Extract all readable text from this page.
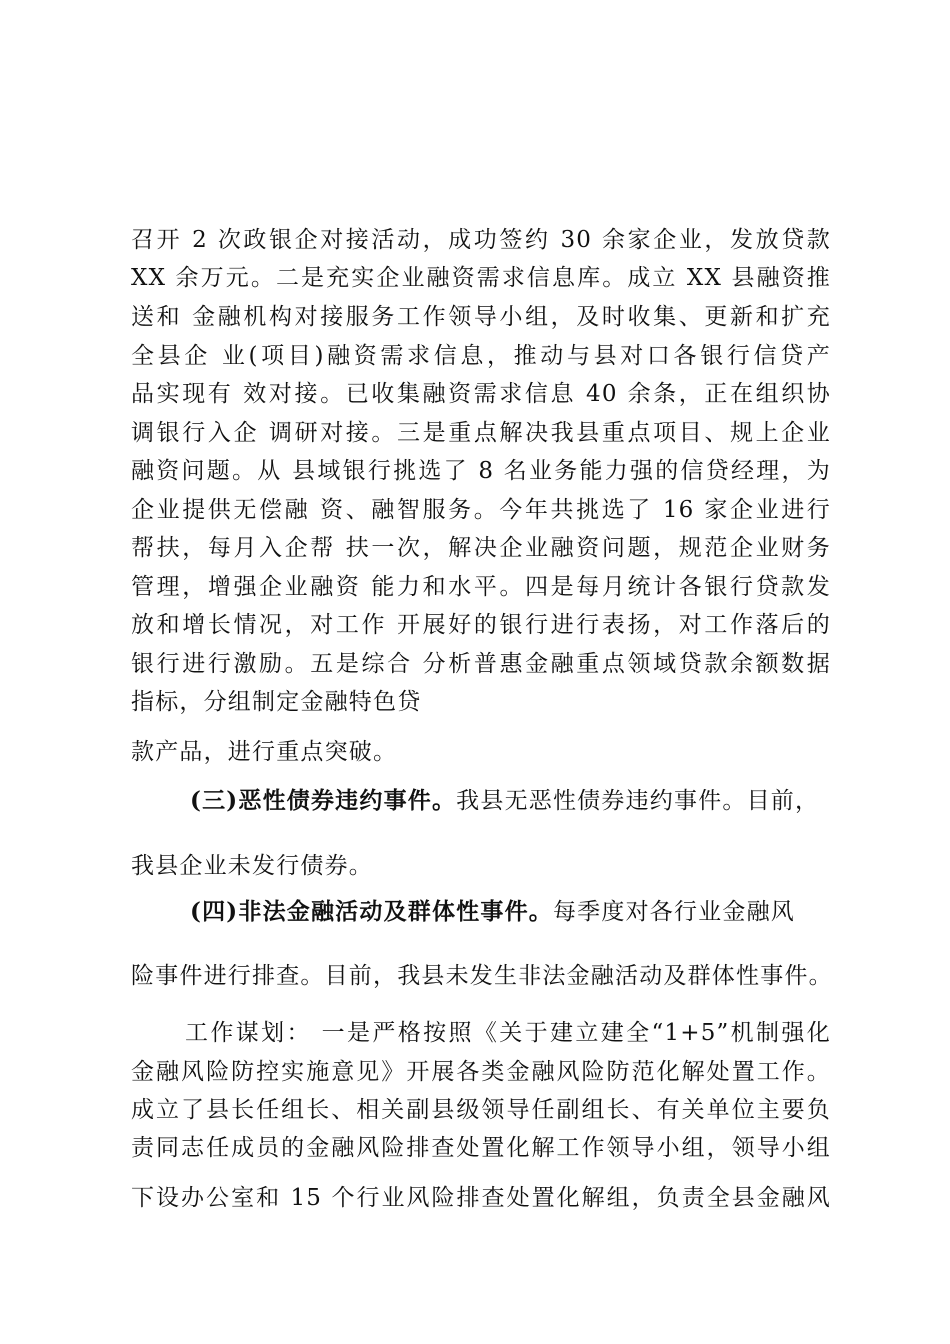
召开 2 次政银企对接活动，成功签约 30 余家企业，发放贷款
XX 余万元。二是充实企业融资需求信息库。成立 XX 县融资推
送和 金融机构对接服务工作领导小组，及时收集、更新和扩充
全县企 业(项目)融资需求信息，推动与县对口各银行信贷产
品实现有 效对接。已收集融资需求信息 40 余条，正在组织协
调银行入企 调研对接。三是重点解决我县重点项目、规上企业
融资问题。从 县域银行挑选了 8 名业务能力强的信贷经理，为
企业提供无偿融 资、融智服务。今年共挑选了 16 家企业进行
帮扶，每月入企帮 扶一次，解决企业融资问题，规范企业财务
管理，增强企业融资 能力和水平。四是每月统计各银行贷款发
放和增长情况，对工作 开展好的银行进行表扬，对工作落后的
银行进行激励。五是综合 分析普惠金融重点领域贷款余额数据
指标，分组制定金融特色贷
款产品，进行重点突破。
(三)恶性债券违约事件。我县无恶性债券违约事件。目前，
我县企业未发行债券。
(四)非法金融活动及群体性事件。每季度对各行业金融风
险事件进行排查。目前，我县未发生非法金融活动及群体性事件。
工作谋划： 一是严格按照《关于建立建全“1+5”机制强化
金融风险防控实施意见》开展各类金融风险防范化解处置工作。
成立了县长任组长、相关副县级领导任副组长、有关单位主要负
责同志任成员的金融风险排查处置化解工作领导小组，领导小组
下设办公室和 15 个行业风险排查处置化解组，负责全县金融风
